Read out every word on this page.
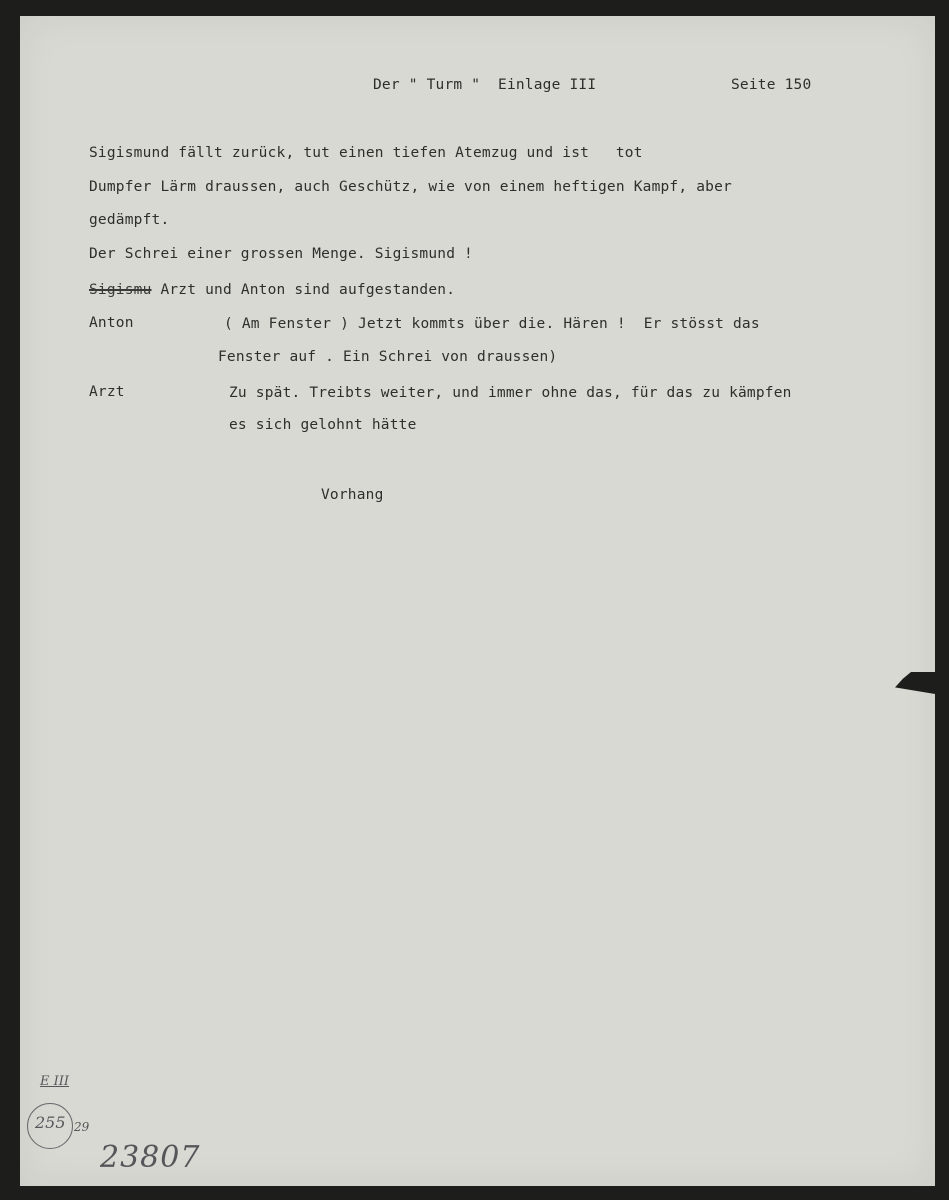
Der " Turm "  Einlage III	Seite 150
Sigismund fällt zurück, tut einen tiefen Atemzug und ist   tot
Dumpfer Lärm draussen, auch Geschütz, wie von einem heftigen Kampf, aber
gedämpft.
Der Schrei einer grossen Menge. Sigismund !
Sigismu Arzt und Anton sind aufgestanden.
Anton	( Am Fenster ) Jetzt kommts über die. Hären !  Er stösst das
Fenster auf . Ein Schrei von draussen)
Arzt	Zu spät. Treibts weiter, und immer ohne das, für das zu kämpfen
es sich gelohnt hätte
Vorhang
E III
255 29
23807
